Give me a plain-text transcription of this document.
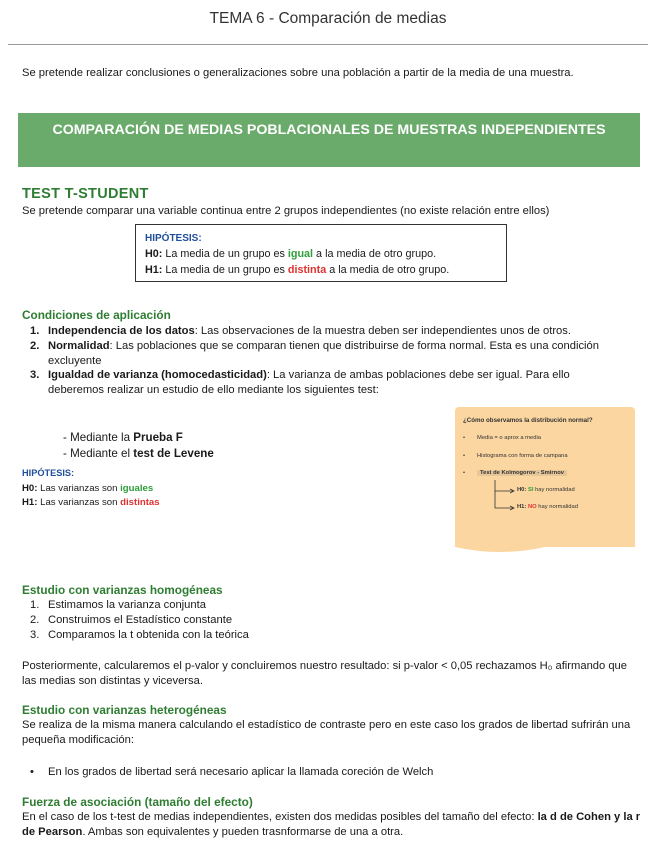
TEMA 6 - Comparación de medias
Se pretende realizar conclusiones o generalizaciones sobre una población a partir de la media de una muestra.
COMPARACIÓN DE MEDIAS POBLACIONALES DE MUESTRAS INDEPENDIENTES
TEST T-STUDENT
Se pretende comparar una variable continua entre 2 grupos independientes (no existe relación entre ellos)
HIPÓTESIS:
H0: La media de un grupo es igual a la media de otro grupo.
H1: La media de un grupo es distinta a la media de otro grupo.
Condiciones de aplicación
1. Independencia de los datos: Las observaciones de la muestra deben ser independientes unos de otros.
2. Normalidad: Las poblaciones que se comparan tienen que distribuirse de forma normal. Esta es una condición excluyente
3. Igualdad de varianza (homocedasticidad): La varianza de ambas poblaciones debe ser igual. Para ello deberemos realizar un estudio de ello mediante los siguientes test:
- Mediante la Prueba F
- Mediante el test de Levene
HIPÓTESIS:
H0: Las varianzas son iguales
H1: Las varianzas son distintas
¿Cómo observamos la distribución normal?
• Media = o aprox a media
• Histograma con forma de campana
•	Test de Kolmogorov - Smirnov
H0: SI hay normalidad
H1: NO hay normalidad
Estudio con varianzas homogéneas
1. Estimamos la varianza conjunta
2. Construimos el Estadístico constante
3. Comparamos la t obtenida con la teórica
Posteriormente, calcularemos el p-valor y concluiremos nuestro resultado: si p-valor < 0,05 rechazamos H₀ afirmando que las medias son distintas y viceversa.
Estudio con varianzas heterogéneas
Se realiza de la misma manera calculando el estadístico de contraste pero en este caso los grados de libertad sufrirán una pequeña modificación:
• En los grados de libertad será necesario aplicar la llamada coreción de Welch
Fuerza de asociación (tamaño del efecto)
En el caso de los t-test de medias independientes, existen dos medidas posibles del tamaño del efecto: la d de Cohen y la r de Pearson. Ambas son equivalentes y pueden trasnformarse de una a otra.
